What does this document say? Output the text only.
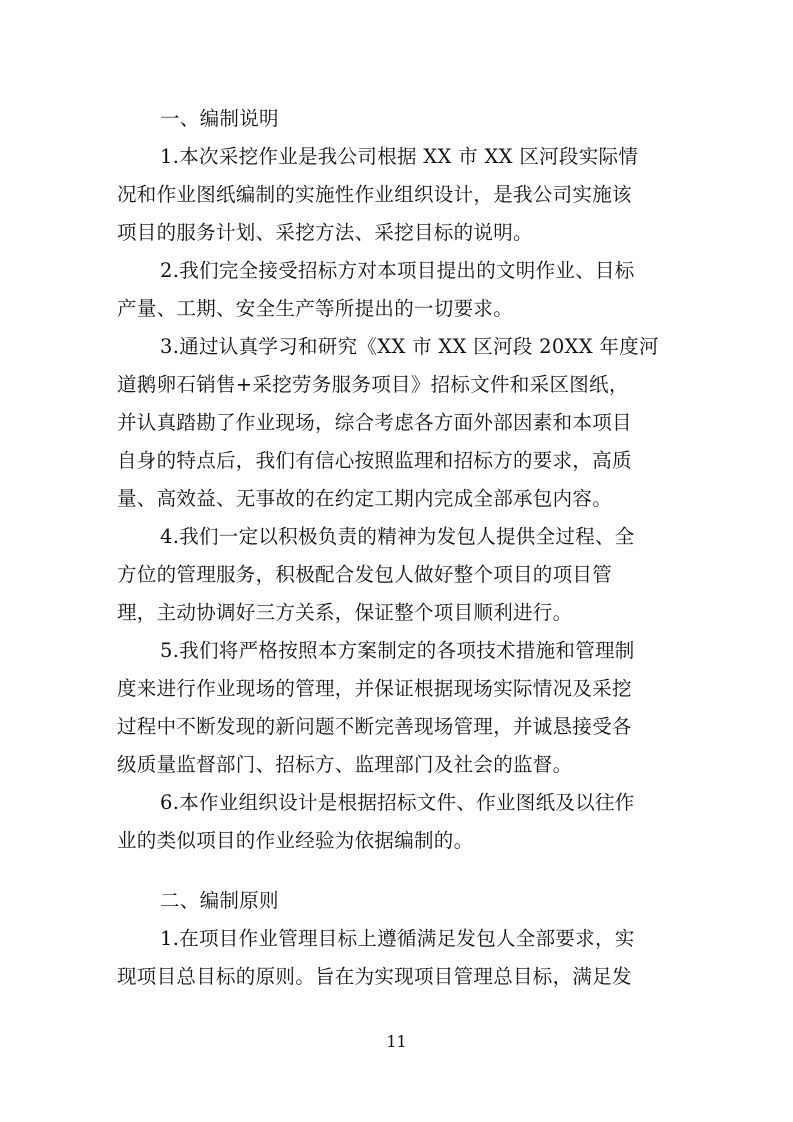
一、编制说明
1.本次采挖作业是我公司根据 XX 市 XX 区河段实际情
况和作业图纸编制的实施性作业组织设计，是我公司实施该
项目的服务计划、采挖方法、采挖目标的说明。
2.我们完全接受招标方对本项目提出的文明作业、目标
产量、工期、安全生产等所提出的一切要求。
3.通过认真学习和研究《XX 市 XX 区河段 20XX 年度河
道鹅卵石销售+采挖劳务服务项目》招标文件和采区图纸，
并认真踏勘了作业现场，综合考虑各方面外部因素和本项目
自身的特点后，我们有信心按照监理和招标方的要求，高质
量、高效益、无事故的在约定工期内完成全部承包内容。
4.我们一定以积极负责的精神为发包人提供全过程、全
方位的管理服务，积极配合发包人做好整个项目的项目管
理，主动协调好三方关系，保证整个项目顺利进行。
5.我们将严格按照本方案制定的各项技术措施和管理制
度来进行作业现场的管理，并保证根据现场实际情况及采挖
过程中不断发现的新问题不断完善现场管理，并诚恳接受各
级质量监督部门、招标方、监理部门及社会的监督。
6.本作业组织设计是根据招标文件、作业图纸及以往作
业的类似项目的作业经验为依据编制的。
二、编制原则
1.在项目作业管理目标上遵循满足发包人全部要求，实
现项目总目标的原则。旨在为实现项目管理总目标，满足发
11
